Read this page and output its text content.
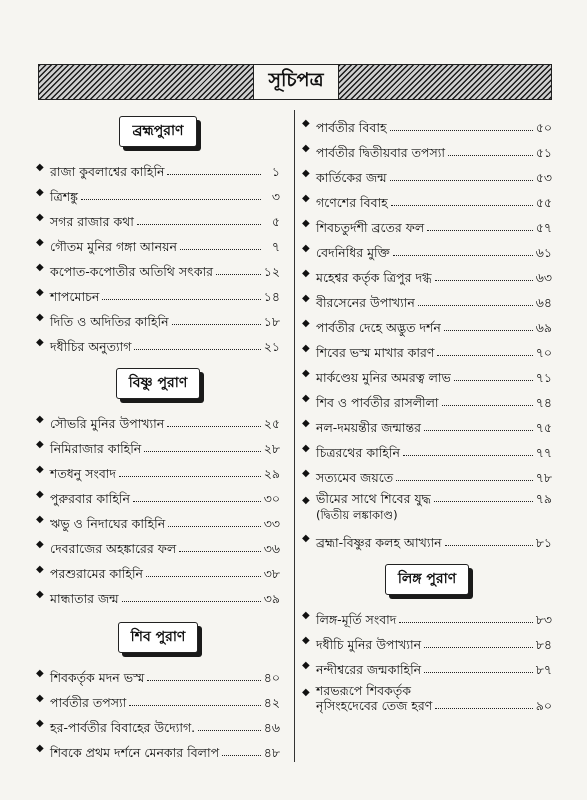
সূচিপত্র
ব্রহ্মপুরাণ
◆ রাজা কুবলাশ্বের কাহিনি	১
◆ ত্রিশঙ্কু	৩
◆ সগর রাজার কথা	৫
◆ গৌতম মুনির গঙ্গা আনয়ন	৭
◆ কপোত-কপোতীর অতিথি সৎকার	১২
◆ শাপমোচন	১৪
◆ দিতি ও অদিতির কাহিনি	১৮
◆ দধীচির অনুত্যাগ	২১
বিষ্ণু পুরাণ
◆ সৌভরি মুনির উপাখ্যান	২৫
◆ নিমিরাজার কাহিনি	২৮
◆ শতধনু সংবাদ	২৯
◆ পুরুরবার কাহিনি	৩০
◆ ঋভু ও নিদাঘের কাহিনি	৩৩
◆ দেবরাজের অহঙ্কারের ফল	৩৬
◆ পরশুরামের কাহিনি	৩৮
◆ মান্ধাতার জন্ম	৩৯
শিব পুরাণ
◆ শিবকর্তৃক মদন ভস্ম	৪০
◆ পার্বতীর তপস্যা	৪২
◆ হর-পার্বতীর বিবাহের উদ্যোগ.	৪৬
◆ শিবকে প্রথম দর্শনে মেনকার বিলাপ	৪৮
◆ পার্বতীর বিবাহ	৫০
◆ পার্বতীর দ্বিতীয়বার তপস্যা	৫১
◆ কার্তিকের জন্ম	৫৩
◆ গণেশের বিবাহ	৫৫
◆ শিবচতুর্দশী ব্রতের ফল	৫৭
◆ বেদনিধির মুক্তি	৬১
◆ মহেশ্বর কর্তৃক ত্রিপুর দগ্ধ	৬৩
◆ বীরসেনের উপাখ্যান	৬৪
◆ পার্বতীর দেহে অদ্ভুত দর্শন	৬৯
◆ শিবের ভস্ম মাখার কারণ	৭০
◆ মার্কণ্ডেয় মুনির অমরত্ব লাভ	৭১
◆ শিব ও পার্বতীর রাসলীলা	৭৪
◆ নল-দময়ন্তীর জন্মান্তর	৭৫
◆ চিত্ররথের কাহিনি	৭৭
◆ সত্যমেব জয়তে	৭৮
◆ ভীমের সাথে শিবের যুদ্ধ	৭৯
(দ্বিতীয় লঙ্কাকাণ্ড)
◆ ব্রহ্মা-বিষ্ণুর কলহ আখ্যান	৮১
লিঙ্গ পুরাণ
◆ লিঙ্গ-মূর্তি সংবাদ	৮৩
◆ দধীচি মুনির উপাখ্যান	৮৪
◆ নন্দীশ্বরের জন্মকাহিনি	৮৭
◆ শরভরূপে শিবকর্তৃক
নৃসিংহদেবের তেজ হরণ	৯০
